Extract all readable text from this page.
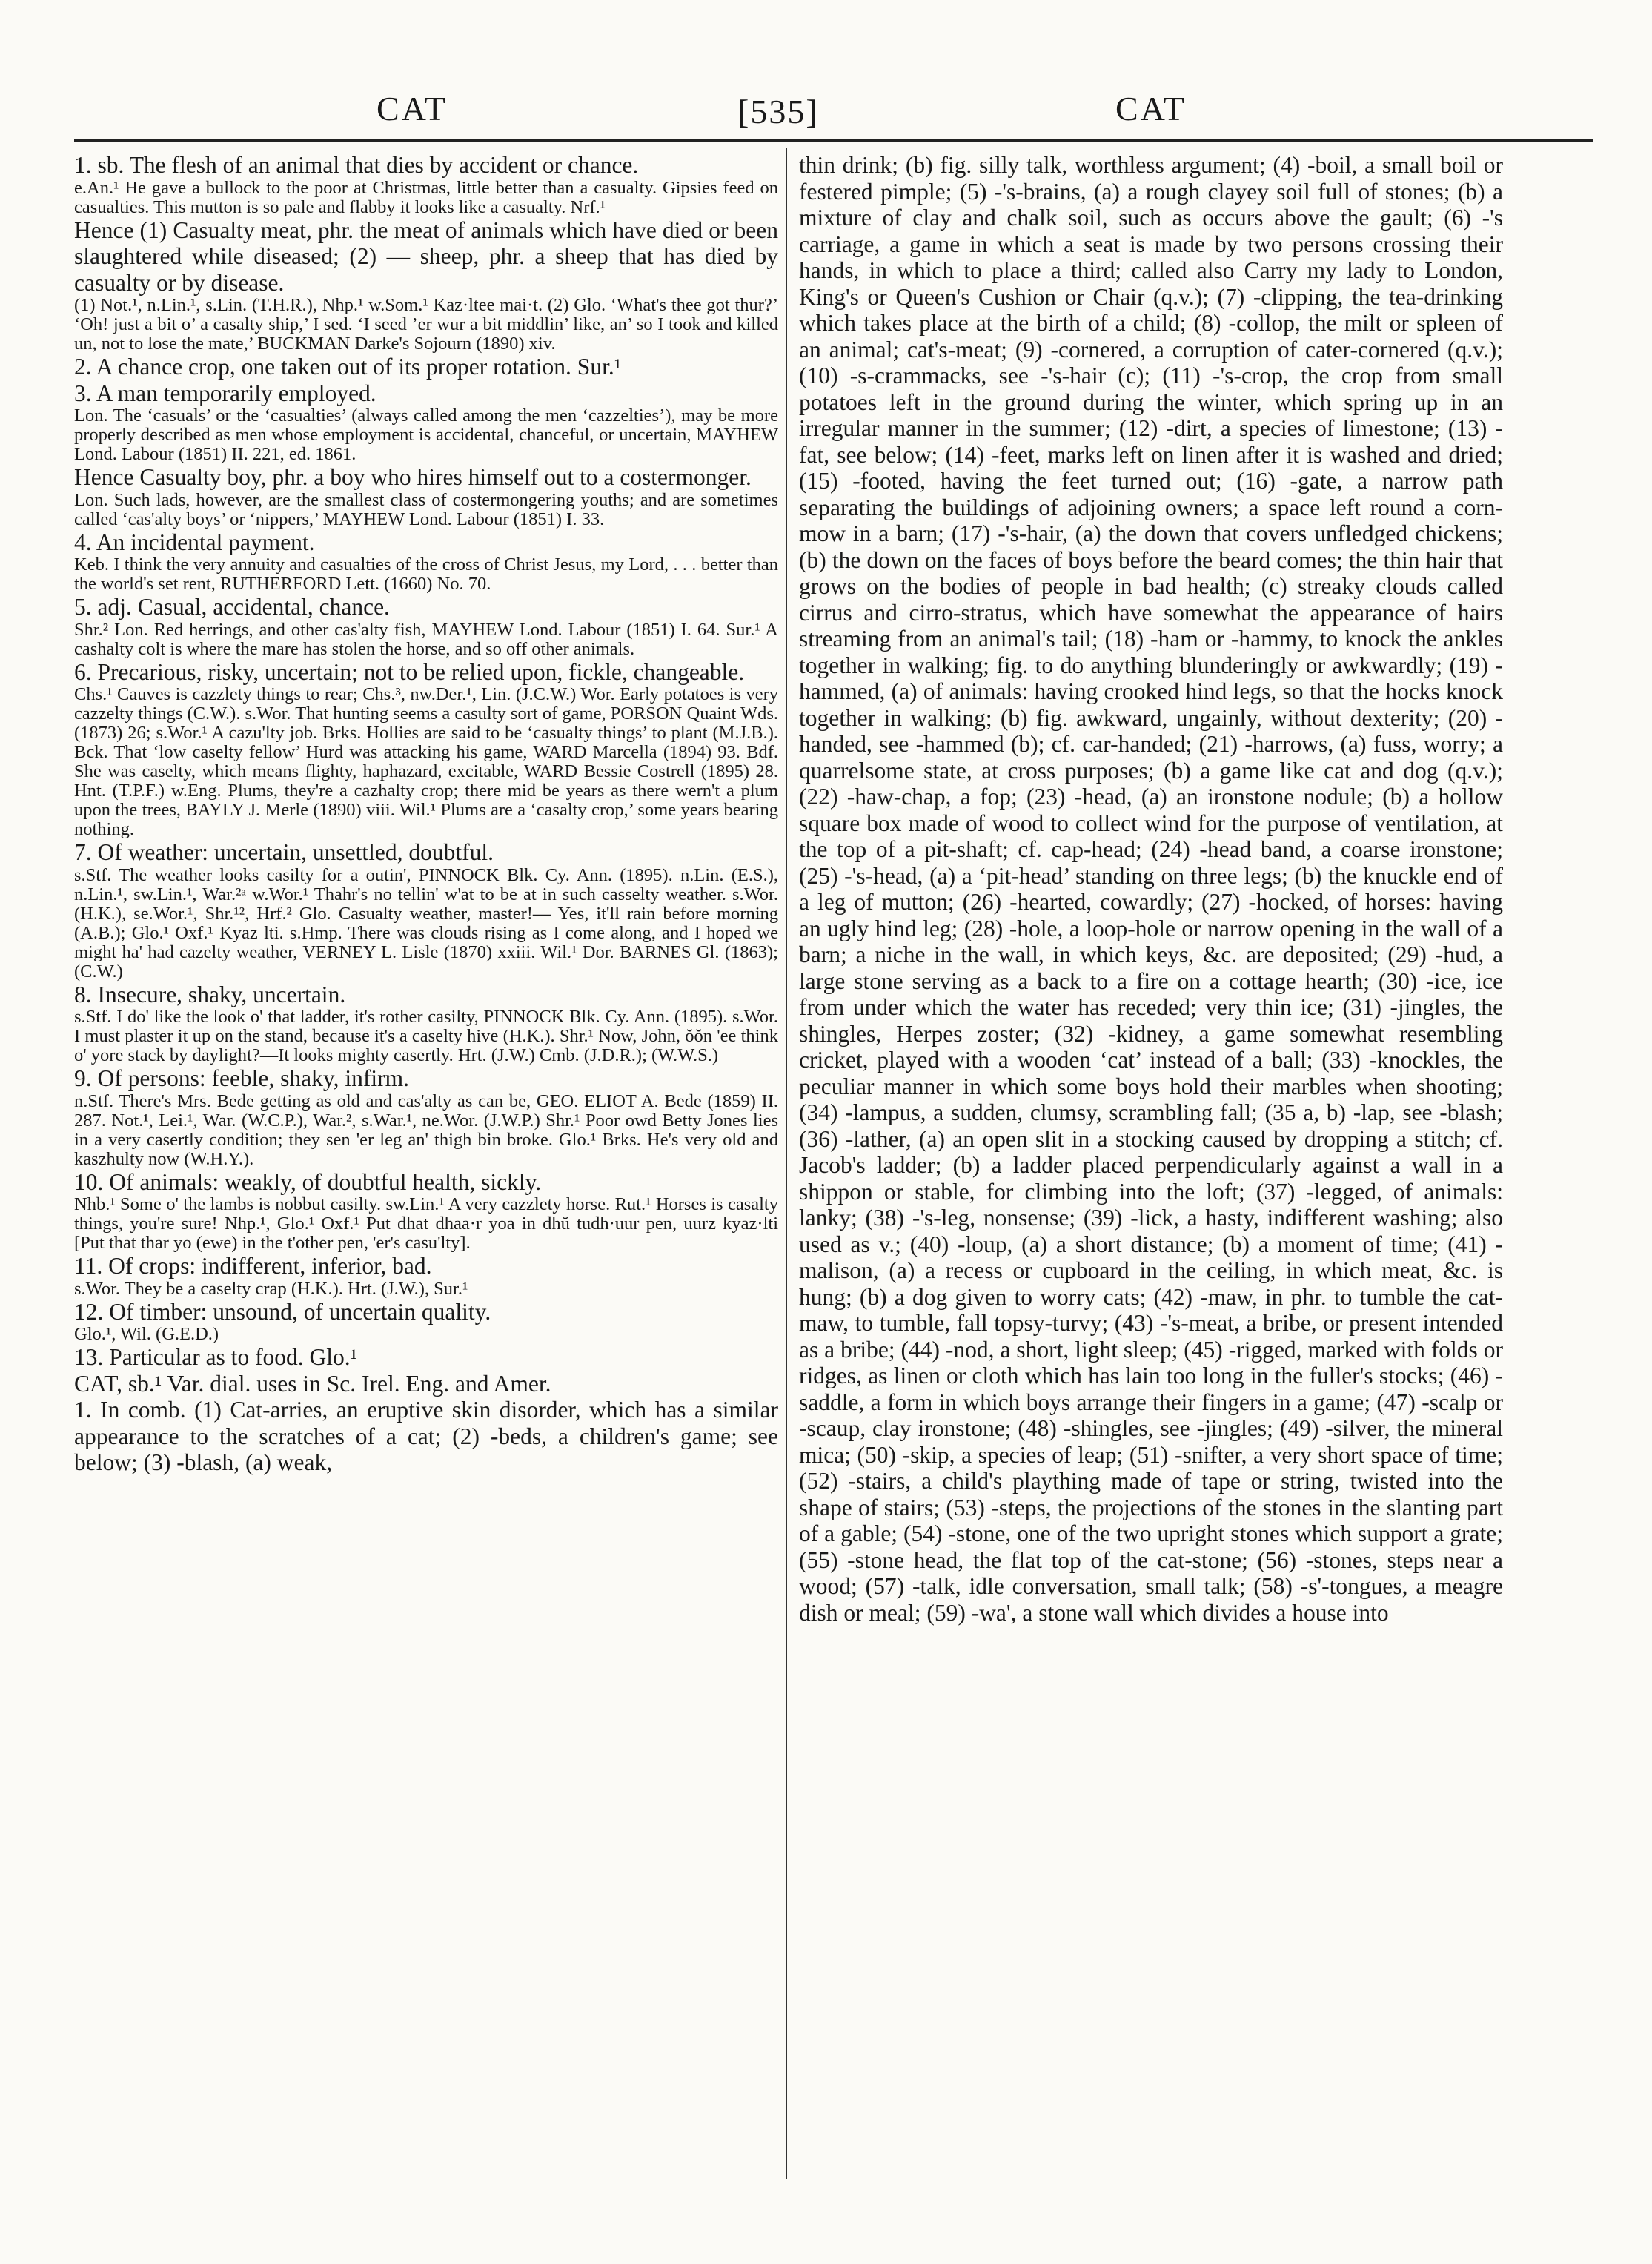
CAT	[535]	CAT
1. sb. The flesh of an animal that dies by accident or chance.
e.An.¹ He gave a bullock to the poor at Christmas, little better than a casualty. Gipsies feed on casualties. This mutton is so pale and flabby it looks like a casualty. Nrf.¹
Hence (1) Casualty meat, phr. the meat of animals which have died or been slaughtered while diseased; (2) — sheep, phr. a sheep that has died by casualty or by disease.
(1) Not.¹, n.Lin.¹, s.Lin. (T.H.R.), Nhp.¹ w.Som.¹ Kaz·ltee mai·t. (2) Glo. ‘What's thee got thur?’ ‘Oh! just a bit o’ a casalty ship,’ I sed. ‘I seed ’er wur a bit middlin’ like, an’ so I took and killed un, not to lose the mate,’ BUCKMAN Darke's Sojourn (1890) xiv.
2. A chance crop, one taken out of its proper rotation. Sur.¹
3. A man temporarily employed.
Lon. The ‘casuals’ or the ‘casualties’ (always called among the men ‘cazzelties’), may be more properly described as men whose employment is accidental, chanceful, or uncertain, MAYHEW Lond. Labour (1851) II. 221, ed. 1861.
Hence Casualty boy, phr. a boy who hires himself out to a costermonger.
Lon. Such lads, however, are the smallest class of costermongering youths; and are sometimes called ‘cas'alty boys’ or ‘nippers,’ MAYHEW Lond. Labour (1851) I. 33.
4. An incidental payment.
Keb. I think the very annuity and casualties of the cross of Christ Jesus, my Lord, . . . better than the world's set rent, RUTHERFORD Lett. (1660) No. 70.
5. adj. Casual, accidental, chance.
Shr.² Lon. Red herrings, and other cas'alty fish, MAYHEW Lond. Labour (1851) I. 64. Sur.¹ A cashalty colt is where the mare has stolen the horse, and so off other animals.
6. Precarious, risky, uncertain; not to be relied upon, fickle, changeable.
Chs.¹ Cauves is cazzlety things to rear; Chs.³, nw.Der.¹, Lin. (J.C.W.) Wor. Early potatoes is very cazzelty things (C.W.). s.Wor. That hunting seems a casulty sort of game, PORSON Quaint Wds. (1873) 26; s.Wor.¹ A cazu'lty job. Brks. Hollies are said to be ‘casualty things’ to plant (M.J.B.). Bck. That ‘low caselty fellow’ Hurd was attacking his game, WARD Marcella (1894) 93. Bdf. She was caselty, which means flighty, haphazard, excitable, WARD Bessie Costrell (1895) 28. Hnt. (T.P.F.) w.Eng. Plums, they're a cazhalty crop; there mid be years as there wern't a plum upon the trees, BAYLY J. Merle (1890) viii. Wil.¹ Plums are a ‘casalty crop,’ some years bearing nothing.
7. Of weather: uncertain, unsettled, doubtful.
s.Stf. The weather looks casilty for a outin', PINNOCK Blk. Cy. Ann. (1895). n.Lin. (E.S.), n.Lin.¹, sw.Lin.¹, War.²ᵃ w.Wor.¹ Thahr's no tellin' w'at to be at in such casselty weather. s.Wor. (H.K.), se.Wor.¹, Shr.¹², Hrf.² Glo. Casualty weather, master!— Yes, it'll rain before morning (A.B.); Glo.¹ Oxf.¹ Kyaz lti. s.Hmp. There was clouds rising as I come along, and I hoped we might ha' had cazelty weather, VERNEY L. Lisle (1870) xxiii. Wil.¹ Dor. BARNES Gl. (1863); (C.W.)
8. Insecure, shaky, uncertain.
s.Stf. I do' like the look o' that ladder, it's rother casilty, PINNOCK Blk. Cy. Ann. (1895). s.Wor. I must plaster it up on the stand, because it's a caselty hive (H.K.). Shr.¹ Now, John, ŏŏn 'ee think o' yore stack by daylight?—It looks mighty casertly. Hrt. (J.W.) Cmb. (J.D.R.); (W.W.S.)
9. Of persons: feeble, shaky, infirm.
n.Stf. There's Mrs. Bede getting as old and cas'alty as can be, GEO. ELIOT A. Bede (1859) II. 287. Not.¹, Lei.¹, War. (W.C.P.), War.², s.War.¹, ne.Wor. (J.W.P.) Shr.¹ Poor owd Betty Jones lies in a very casertly condition; they sen 'er leg an' thigh bin broke. Glo.¹ Brks. He's very old and kaszhulty now (W.H.Y.).
10. Of animals: weakly, of doubtful health, sickly.
Nhb.¹ Some o' the lambs is nobbut casilty. sw.Lin.¹ A very cazzlety horse. Rut.¹ Horses is casalty things, you're sure! Nhp.¹, Glo.¹ Oxf.¹ Put dhat dhaa·r yoa in dhŭ tudh·uur pen, uurz kyaz·lti [Put that thar yo (ewe) in the t'other pen, 'er's casu'lty].
11. Of crops: indifferent, inferior, bad.
s.Wor. They be a caselty crap (H.K.). Hrt. (J.W.), Sur.¹
12. Of timber: unsound, of uncertain quality.
Glo.¹, Wil. (G.E.D.)
13. Particular as to food. Glo.¹
CAT, sb.¹ Var. dial. uses in Sc. Irel. Eng. and Amer.
1. In comb. (1) Cat-arries, an eruptive skin disorder, which has a similar appearance to the scratches of a cat; (2) -beds, a children's game; see below; (3) -blash, (a) weak,
thin drink; (b) fig. silly talk, worthless argument; (4) -boil, a small boil or festered pimple; (5) -'s-brains, (a) a rough clayey soil full of stones; (b) a mixture of clay and chalk soil, such as occurs above the gault; (6) -'s carriage, a game in which a seat is made by two persons crossing their hands, in which to place a third; called also Carry my lady to London, King's or Queen's Cushion or Chair (q.v.); (7) -clipping, the tea-drinking which takes place at the birth of a child; (8) -collop, the milt or spleen of an animal; cat's-meat; (9) -cornered, a corruption of cater-cornered (q.v.); (10) -s-crammacks, see -'s-hair (c); (11) -'s-crop, the crop from small potatoes left in the ground during the winter, which spring up in an irregular manner in the summer; (12) -dirt, a species of limestone; (13) -fat, see below; (14) -feet, marks left on linen after it is washed and dried; (15) -footed, having the feet turned out; (16) -gate, a narrow path separating the buildings of adjoining owners; a space left round a corn-mow in a barn; (17) -'s-hair, (a) the down that covers unfledged chickens; (b) the down on the faces of boys before the beard comes; the thin hair that grows on the bodies of people in bad health; (c) streaky clouds called cirrus and cirro-stratus, which have somewhat the appearance of hairs streaming from an animal's tail; (18) -ham or -hammy, to knock the ankles together in walking; fig. to do anything blunderingly or awkwardly; (19) -hammed, (a) of animals: having crooked hind legs, so that the hocks knock together in walking; (b) fig. awkward, ungainly, without dexterity; (20) -handed, see -hammed (b); cf. car-handed; (21) -harrows, (a) fuss, worry; a quarrelsome state, at cross purposes; (b) a game like cat and dog (q.v.); (22) -haw-chap, a fop; (23) -head, (a) an ironstone nodule; (b) a hollow square box made of wood to collect wind for the purpose of ventilation, at the top of a pit-shaft; cf. cap-head; (24) -head band, a coarse ironstone; (25) -'s-head, (a) a ‘pit-head’ standing on three legs; (b) the knuckle end of a leg of mutton; (26) -hearted, cowardly; (27) -hocked, of horses: having an ugly hind leg; (28) -hole, a loop-hole or narrow opening in the wall of a barn; a niche in the wall, in which keys, &c. are deposited; (29) -hud, a large stone serving as a back to a fire on a cottage hearth; (30) -ice, ice from under which the water has receded; very thin ice; (31) -jingles, the shingles, Herpes zoster; (32) -kidney, a game somewhat resembling cricket, played with a wooden ‘cat’ instead of a ball; (33) -knockles, the peculiar manner in which some boys hold their marbles when shooting; (34) -lampus, a sudden, clumsy, scrambling fall; (35 a, b) -lap, see -blash; (36) -lather, (a) an open slit in a stocking caused by dropping a stitch; cf. Jacob's ladder; (b) a ladder placed perpendicularly against a wall in a shippon or stable, for climbing into the loft; (37) -legged, of animals: lanky; (38) -'s-leg, nonsense; (39) -lick, a hasty, indifferent washing; also used as v.; (40) -loup, (a) a short distance; (b) a moment of time; (41) -malison, (a) a recess or cupboard in the ceiling, in which meat, &c. is hung; (b) a dog given to worry cats; (42) -maw, in phr. to tumble the cat-maw, to tumble, fall topsy-turvy; (43) -'s-meat, a bribe, or present intended as a bribe; (44) -nod, a short, light sleep; (45) -rigged, marked with folds or ridges, as linen or cloth which has lain too long in the fuller's stocks; (46) -saddle, a form in which boys arrange their fingers in a game; (47) -scalp or -scaup, clay ironstone; (48) -shingles, see -jingles; (49) -silver, the mineral mica; (50) -skip, a species of leap; (51) -snifter, a very short space of time; (52) -stairs, a child's plaything made of tape or string, twisted into the shape of stairs; (53) -steps, the projections of the stones in the slanting part of a gable; (54) -stone, one of the two upright stones which support a grate; (55) -stone head, the flat top of the cat-stone; (56) -stones, steps near a wood; (57) -talk, idle conversation, small talk; (58) -s'-tongues, a meagre dish or meal; (59) -wa', a stone wall which divides a house into
